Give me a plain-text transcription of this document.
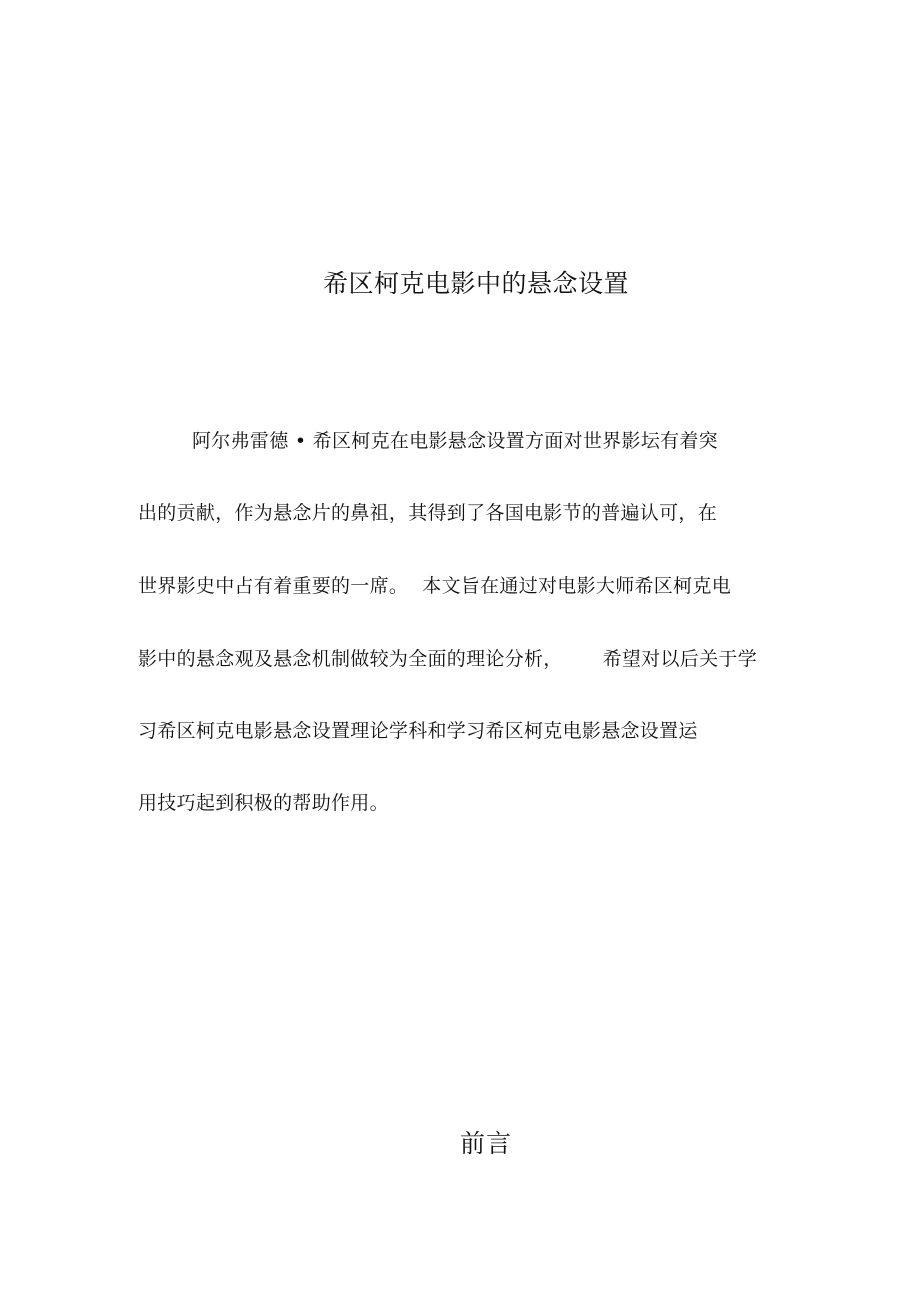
希区柯克电影中的悬念设置
阿尔弗雷德 • 希区柯克在电影悬念设置方面对世界影坛有着突
出的贡献，作为悬念片的鼻祖，其得到了各国电影节的普遍认可，在
世界影史中占有着重要的一席。 本文旨在通过对电影大师希区柯克电
影中的悬念观及悬念机制做较为全面的理论分析， 希望对以后关于学
习希区柯克电影悬念设置理论学科和学习希区柯克电影悬念设置运
用技巧起到积极的帮助作用。
前言
